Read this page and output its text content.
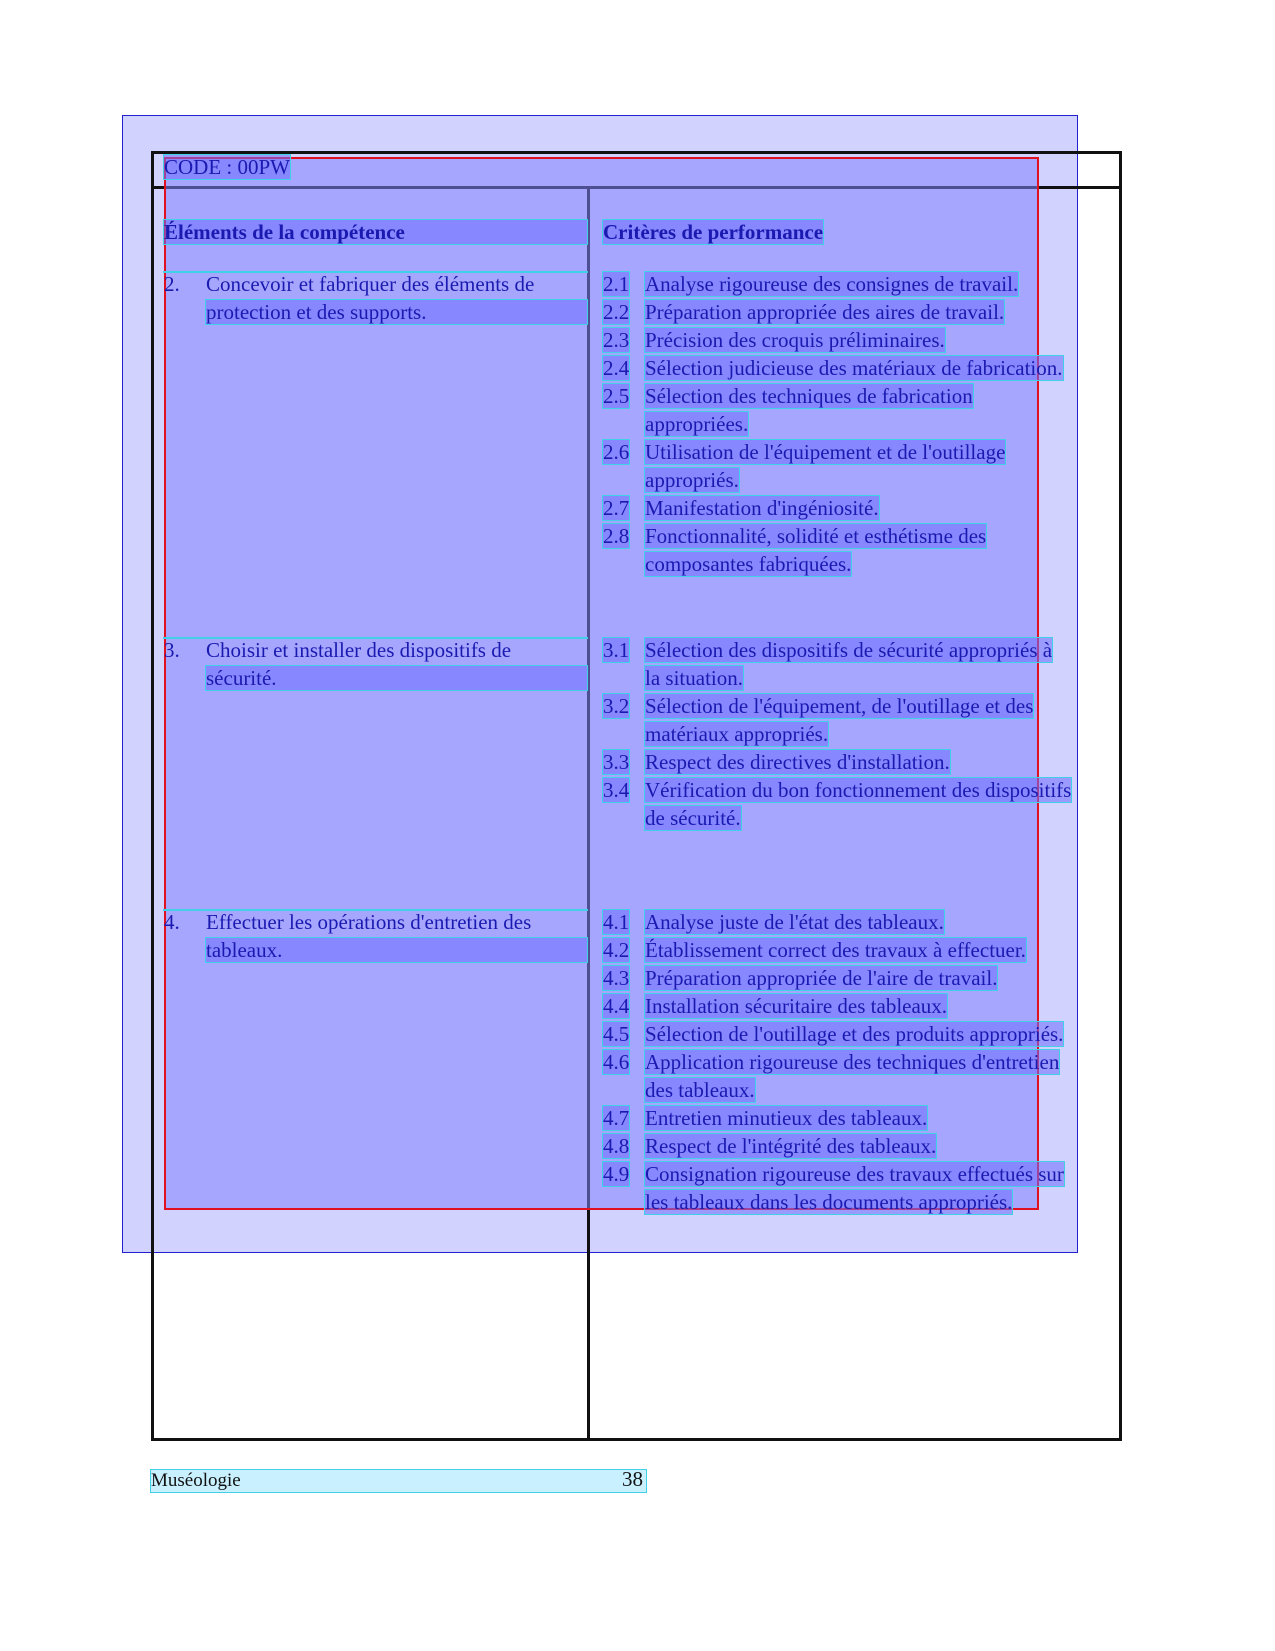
CODE : 00PW
Éléments de la compétence	Critères de performance
2. Concevoir et fabriquer des éléments de
protection et des supports.
3. Choisir et installer des dispositifs de
sécurité.
4. Effectuer les opérations d'entretien des
tableaux.
2.1 Analyse rigoureuse des consignes de travail.
2.2 Préparation appropriée des aires de travail.
2.3 Précision des croquis préliminaires.
2.4 Sélection judicieuse des matériaux de fabrication.
2.5 Sélection des techniques de fabrication
appropriées.
2.6 Utilisation de l'équipement et de l'outillage
appropriés.
2.7 Manifestation d'ingéniosité.
2.8 Fonctionnalité, solidité et esthétisme des
composantes fabriquées.
3.1 Sélection des dispositifs de sécurité appropriés à
la situation.
3.2 Sélection de l'équipement, de l'outillage et des
matériaux appropriés.
3.3 Respect des directives d'installation.
3.4 Vérification du bon fonctionnement des dispositifs
de sécurité.
4.1 Analyse juste de l'état des tableaux.
4.2 Établissement correct des travaux à effectuer.
4.3 Préparation appropriée de l'aire de travail.
4.4 Installation sécuritaire des tableaux.
4.5 Sélection de l'outillage et des produits appropriés.
4.6 Application rigoureuse des techniques d'entretien
des tableaux.
4.7 Entretien minutieux des tableaux.
4.8 Respect de l'intégrité des tableaux.
4.9 Consignation rigoureuse des travaux effectués sur
les tableaux dans les documents appropriés.
Muséologie	38
